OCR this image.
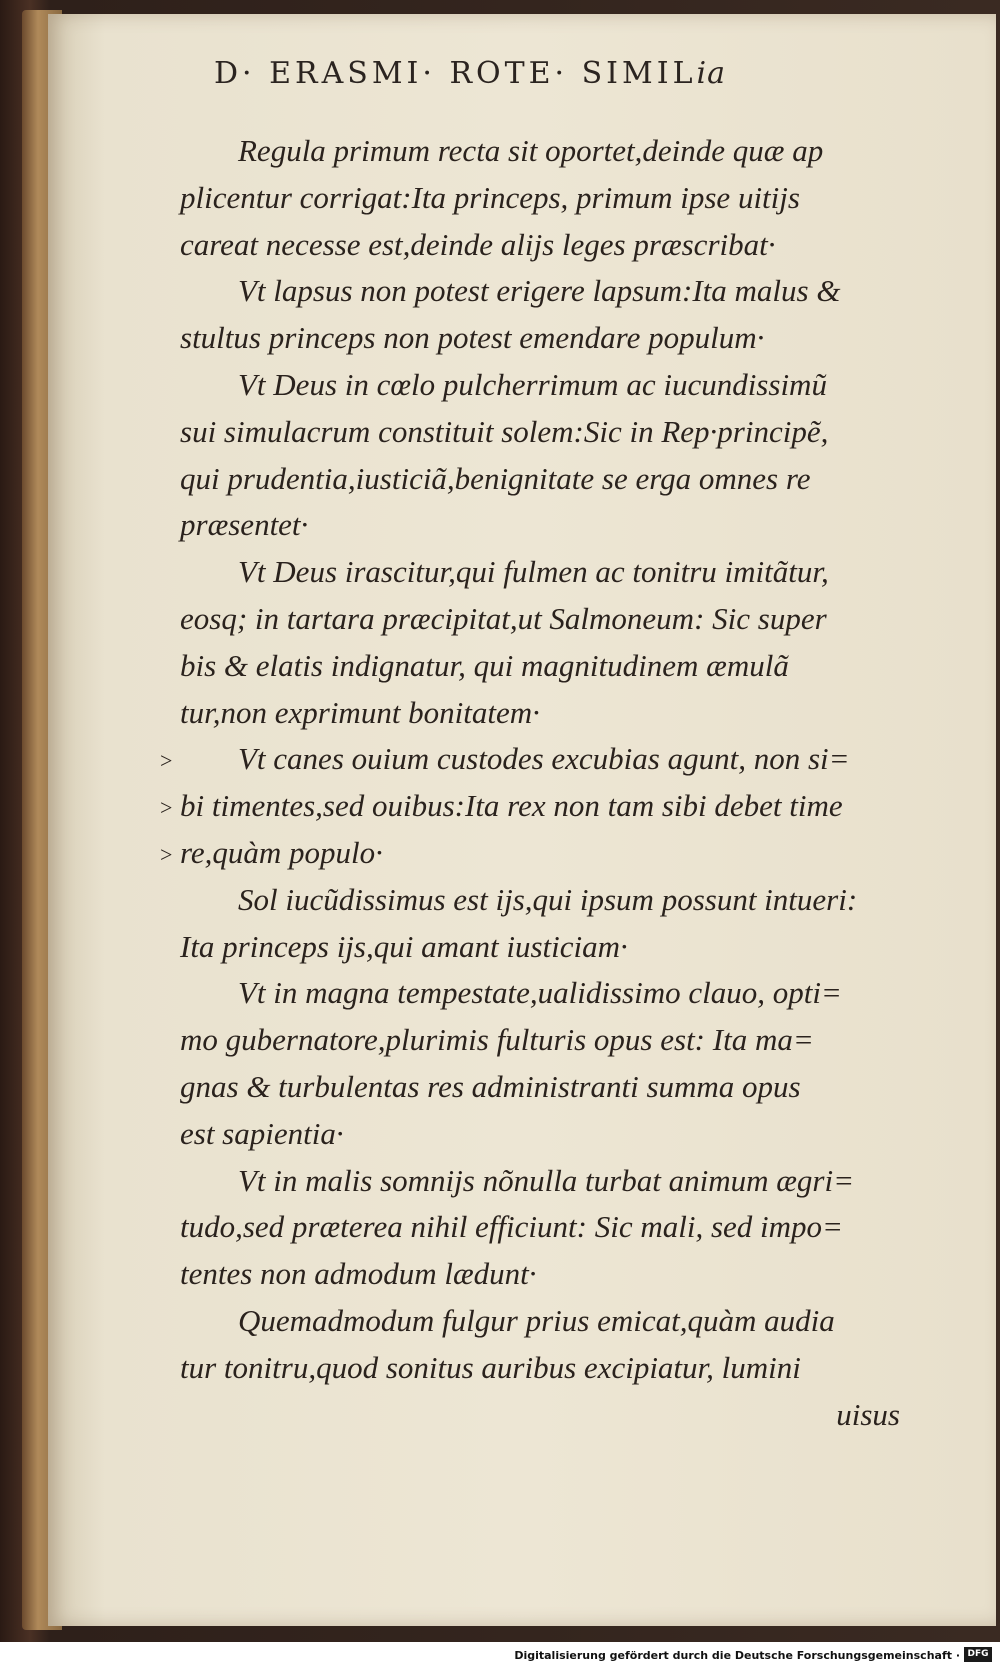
D· ERASMI· ROTE· SIMILia
Regula primum recta sit oportet,deinde quæ ap
plicentur corrigat:Ita princeps, primum ipse uitijs
careat necesse est,deinde alijs leges præscribat·
Vt lapsus non potest erigere lapsum:Ita malus &
stultus princeps non potest emendare populum·
Vt Deus in cœlo pulcherrimum ac iucundissimũ
sui simulacrum constituit solem:Sic in Rep·principẽ,
qui prudentia,iusticiã,benignitate se erga omnes re
præsentet·
Vt Deus irascitur,qui fulmen ac tonitru imitãtur,
eosq; in tartara præcipitat,ut Salmoneum: Sic super
bis & elatis indignatur, qui magnitudinem æmulã
tur,non exprimunt bonitatem·
Vt canes ouium custodes excubias agunt, non si=
bi timentes,sed ouibus:Ita rex non tam sibi debet time
re,quàm populo·
Sol iucũdissimus est ijs,qui ipsum possunt intueri:
Ita princeps ijs,qui amant iusticiam·
Vt in magna tempestate,ualidissimo clauo, opti=
mo gubernatore,plurimis fulturis opus est: Ita ma=
gnas & turbulentas res administranti summa opus
est sapientia·
Vt in malis somnijs nõnulla turbat animum ægri=
tudo,sed præterea nihil efficiunt: Sic mali, sed impo=
tentes non admodum lædunt·
Quemadmodum fulgur prius emicat,quàm audia
tur tonitru,quod sonitus auribus excipiatur, lumini
uisus
>
>
>
Digitalisierung gefördert durch die Deutsche Forschungsgemeinschaft · DFG
